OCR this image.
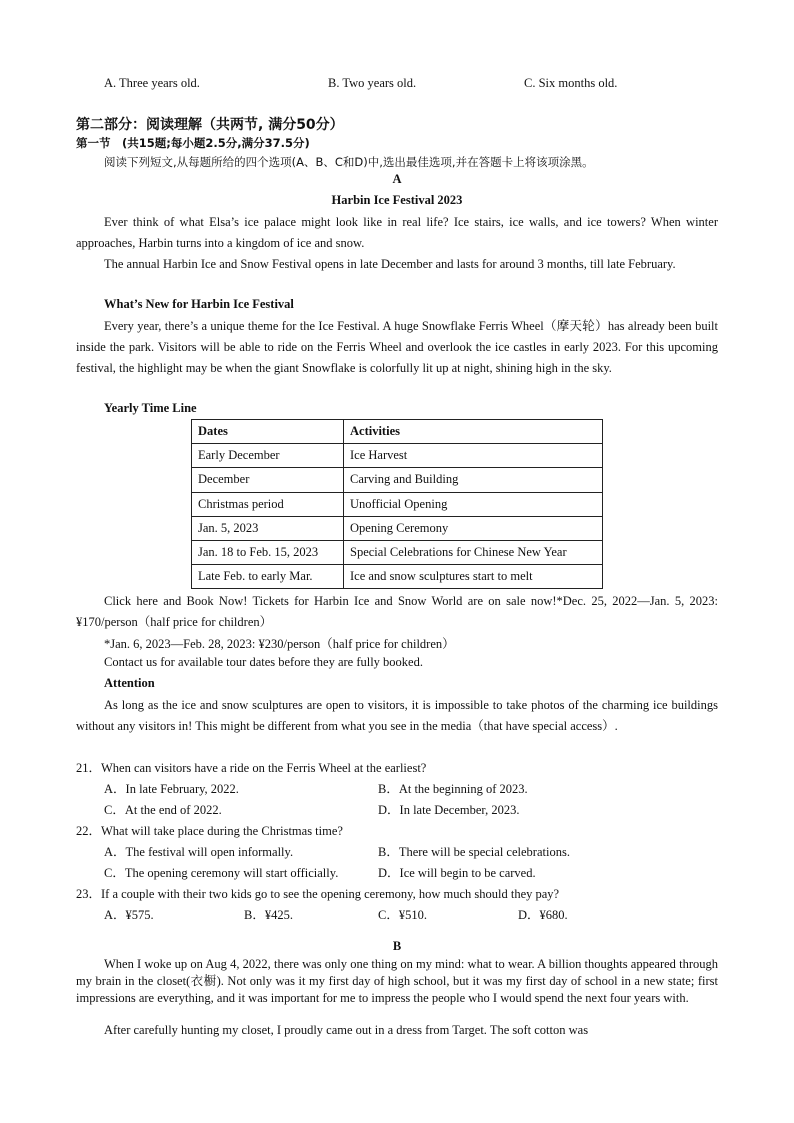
A. Three years old.	B. Two years old.	C. Six months old.
第二部分：阅读理解（共两节, 满分50分）
第一节　(共15题;每小题2.5分,满分37.5分)
阅读下列短文,从每题所给的四个选项(A、B、C和D)中,选出最佳选项,并在答题卡上将该项涂黑。
A
Harbin Ice Festival 2023
Ever think of what Elsa’s ice palace might look like in real life? Ice stairs, ice walls, and ice towers? When winter approaches, Harbin turns into a kingdom of ice and snow.
The annual Harbin Ice and Snow Festival opens in late December and lasts for around 3 months, till late February.
What’s New for Harbin Ice Festival
Every year, there’s a unique theme for the Ice Festival. A huge Snowflake Ferris Wheel（摩天轮）has already been built inside the park. Visitors will be able to ride on the Ferris Wheel and overlook the ice castles in early 2023. For this upcoming festival, the highlight may be when the giant Snowflake is colorfully lit up at night, shining high in the sky.
Yearly Time Line
Dates	Activities
Early December	Ice Harvest
December	Carving and Building
Christmas period	Unofficial Opening
Jan. 5, 2023	Opening Ceremony
Jan. 18 to Feb. 15, 2023	Special Celebrations for Chinese New Year
Late Feb. to early Mar.	Ice and snow sculptures start to melt
Click here and Book Now! Tickets for Harbin Ice and Snow World are on sale now!*Dec. 25, 2022—Jan. 5, 2023: ¥170/person（half price for children）
*Jan. 6, 2023—Feb. 28, 2023: ¥230/person（half price for children）
Contact us for available tour dates before they are fully booked.
Attention
As long as the ice and snow sculptures are open to visitors, it is impossible to take photos of the charming ice buildings without any visitors in! This might be different from what you see in the media（that have special access）.
21．When can visitors have a ride on the Ferris Wheel at the earliest?
A．In late February, 2022.	B．At the beginning of 2023.
C．At the end of 2022.	D．In late December, 2023.
22．What will take place during the Christmas time?
A．The festival will open informally.	B．There will be special celebrations.
C．The opening ceremony will start officially.	D．Ice will begin to be carved.
23．If a couple with their two kids go to see the opening ceremony, how much should they pay?
A．¥575.	B．¥425.	C．¥510.	D．¥680.
B
When I woke up on Aug 4, 2022, there was only one thing on my mind: what to wear. A billion thoughts appeared through my brain in the closet(衣橱). Not only was it my first day of high school, but it was my first day of school in a new state; first impressions are everything, and it was important for me to impress the people who I would spend the next four years with.
After carefully hunting my closet, I proudly came out in a dress from Target. The soft cotton was
